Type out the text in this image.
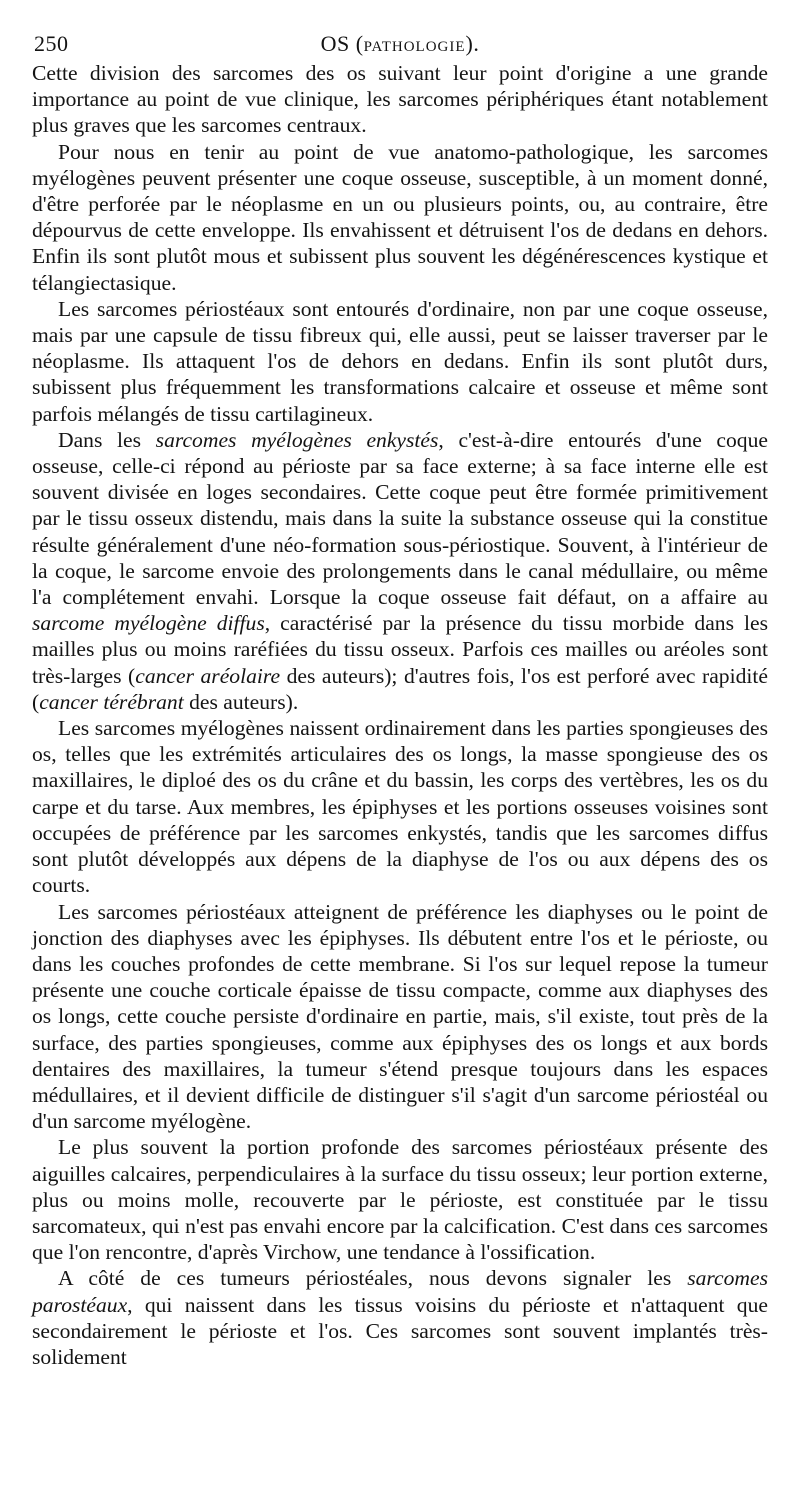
250	OS (PATHOLOGIE).

Cette division des sarcomes des os suivant leur point d'origine a une grande importance au point de vue clinique, les sarcomes périphériques étant notablement plus graves que les sarcomes centraux.

Pour nous en tenir au point de vue anatomo-pathologique, les sarcomes myélogènes peuvent présenter une coque osseuse, susceptible, à un moment donné, d'être perforée par le néoplasme en un ou plusieurs points, ou, au contraire, être dépourvus de cette enveloppe. Ils envahissent et détruisent l'os de dedans en dehors. Enfin ils sont plutôt mous et subissent plus souvent les dégénérescences kystique et télangiectasique.

Les sarcomes périostéaux sont entourés d'ordinaire, non par une coque osseuse, mais par une capsule de tissu fibreux qui, elle aussi, peut se laisser traverser par le néoplasme. Ils attaquent l'os de dehors en dedans. Enfin ils sont plutôt durs, subissent plus fréquemment les transformations calcaire et osseuse et même sont parfois mélangés de tissu cartilagineux.

Dans les sarcomes myélogènes enkystés, c'est-à-dire entourés d'une coque osseuse, celle-ci répond au périoste par sa face externe; à sa face interne elle est souvent divisée en loges secondaires. Cette coque peut être formée primitivement par le tissu osseux distendu, mais dans la suite la substance osseuse qui la constitue résulte généralement d'une néo-formation sous-périostique. Souvent, à l'intérieur de la coque, le sarcome envoie des prolongements dans le canal médullaire, ou même l'a complétement envahi. Lorsque la coque osseuse fait défaut, on a affaire au sarcome myélogène diffus, caractérisé par la présence du tissu morbide dans les mailles plus ou moins raréfiées du tissu osseux. Parfois ces mailles ou aréoles sont très-larges (cancer aréolaire des auteurs); d'autres fois, l'os est perforé avec rapidité (cancer térébrant des auteurs).

Les sarcomes myélogènes naissent ordinairement dans les parties spongieuses des os, telles que les extrémités articulaires des os longs, la masse spongieuse des os maxillaires, le diploé des os du crâne et du bassin, les corps des vertèbres, les os du carpe et du tarse. Aux membres, les épiphyses et les portions osseuses voisines sont occupées de préférence par les sarcomes enkystés, tandis que les sarcomes diffus sont plutôt développés aux dépens de la diaphyse de l'os ou aux dépens des os courts.

Les sarcomes périostéaux atteignent de préférence les diaphyses ou le point de jonction des diaphyses avec les épiphyses. Ils débutent entre l'os et le périoste, ou dans les couches profondes de cette membrane. Si l'os sur lequel repose la tumeur présente une couche corticale épaisse de tissu compacte, comme aux diaphyses des os longs, cette couche persiste d'ordinaire en partie, mais, s'il existe, tout près de la surface, des parties spongieuses, comme aux épiphyses des os longs et aux bords dentaires des maxillaires, la tumeur s'étend presque toujours dans les espaces médullaires, et il devient difficile de distinguer s'il s'agit d'un sarcome périostéal ou d'un sarcome myélogène.

Le plus souvent la portion profonde des sarcomes périostéaux présente des aiguilles calcaires, perpendiculaires à la surface du tissu osseux; leur portion externe, plus ou moins molle, recouverte par le périoste, est constituée par le tissu sarcomateux, qui n'est pas envahi encore par la calcification. C'est dans ces sarcomes que l'on rencontre, d'après Virchow, une tendance à l'ossification.

A côté de ces tumeurs périostéales, nous devons signaler les sarcomes parostéaux, qui naissent dans les tissus voisins du périoste et n'attaquent que secondairement le périoste et l'os. Ces sarcomes sont souvent implantés très-solidement
